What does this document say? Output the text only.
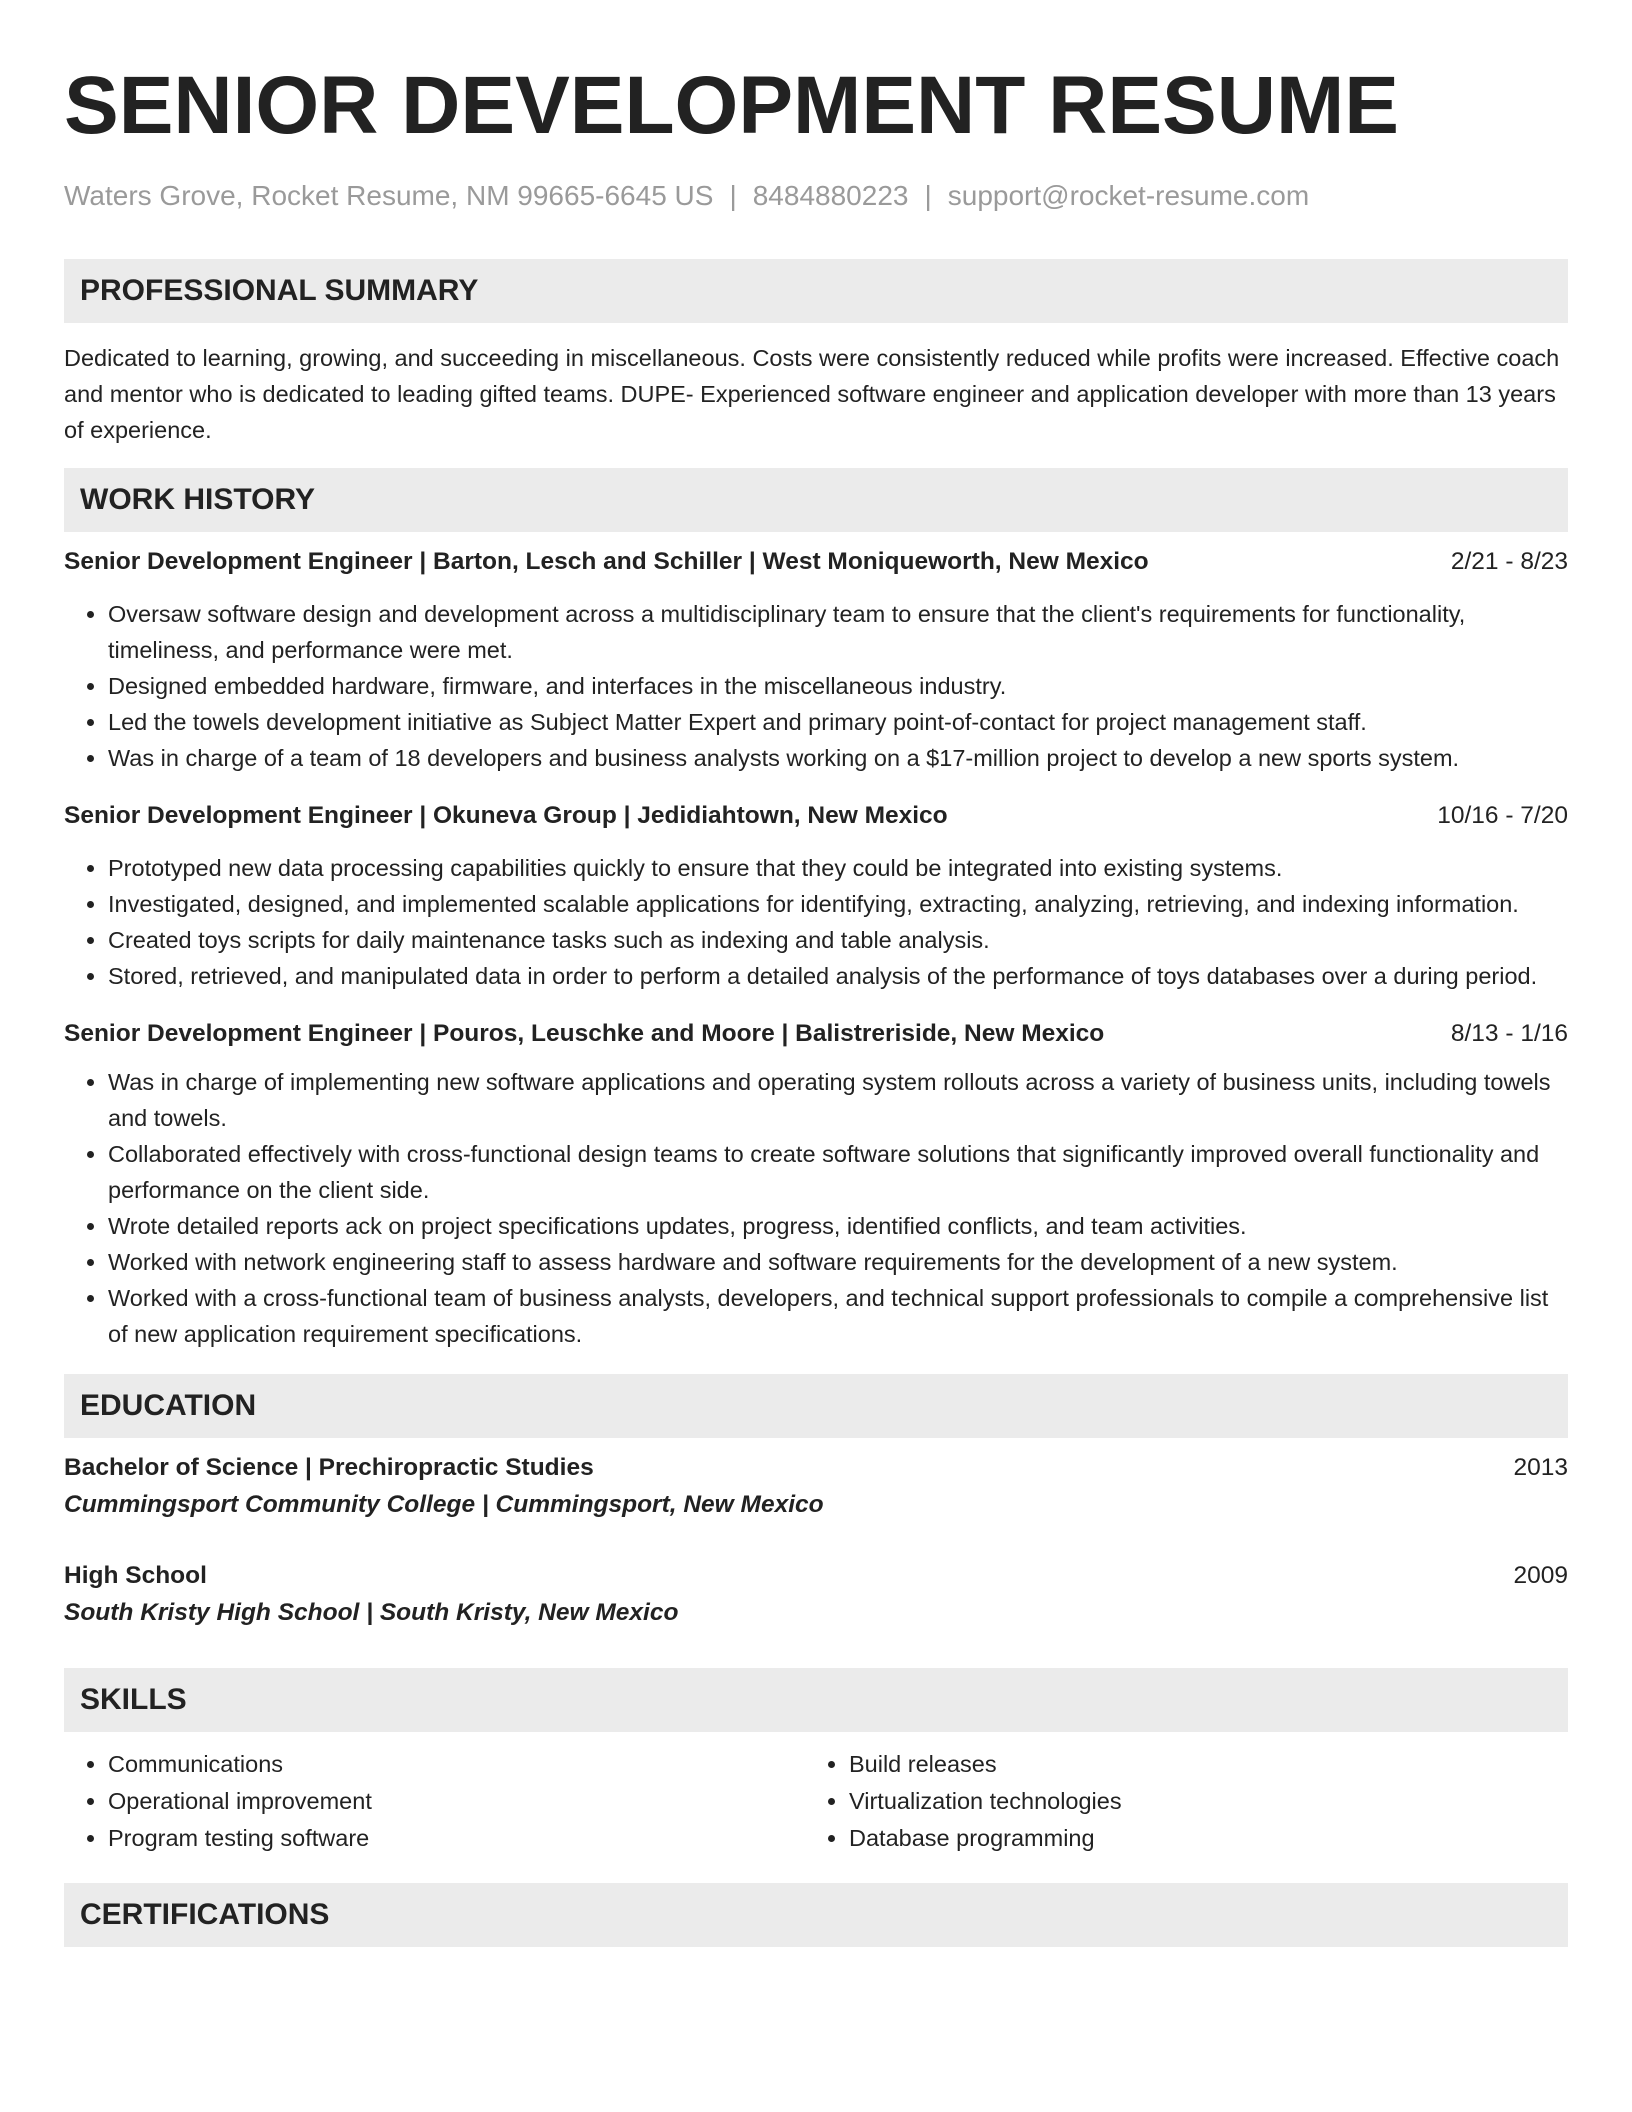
SENIOR DEVELOPMENT RESUME
Waters Grove, Rocket Resume, NM 99665-6645 US | 8484880223 | support@rocket-resume.com
PROFESSIONAL SUMMARY

Dedicated to learning, growing, and succeeding in miscellaneous. Costs were consistently reduced while profits were increased. Effective coach and mentor who is dedicated to leading gifted teams. DUPE- Experienced software engineer and application developer with more than 13 years of experience.

WORK HISTORY
Senior Development Engineer | Barton, Lesch and Schiller | West Moniqueworth, New Mexico	2/21 - 8/23
• Oversaw software design and development across a multidisciplinary team to ensure that the client's requirements for functionality, timeliness, and performance were met.
• Designed embedded hardware, firmware, and interfaces in the miscellaneous industry.
• Led the towels development initiative as Subject Matter Expert and primary point-of-contact for project management staff.
• Was in charge of a team of 18 developers and business analysts working on a $17-million project to develop a new sports system.
Senior Development Engineer | Okuneva Group | Jedidiahtown, New Mexico	10/16 - 7/20
• Prototyped new data processing capabilities quickly to ensure that they could be integrated into existing systems.
• Investigated, designed, and implemented scalable applications for identifying, extracting, analyzing, retrieving, and indexing information.
• Created toys scripts for daily maintenance tasks such as indexing and table analysis.
• Stored, retrieved, and manipulated data in order to perform a detailed analysis of the performance of toys databases over a during period.
Senior Development Engineer | Pouros, Leuschke and Moore | Balistreriside, New Mexico	8/13 - 1/16
• Was in charge of implementing new software applications and operating system rollouts across a variety of business units, including towels and towels.
• Collaborated effectively with cross-functional design teams to create software solutions that significantly improved overall functionality and performance on the client side.
• Wrote detailed reports ack on project specifications updates, progress, identified conflicts, and team activities.
• Worked with network engineering staff to assess hardware and software requirements for the development of a new system.
• Worked with a cross-functional team of business analysts, developers, and technical support professionals to compile a comprehensive list of new application requirement specifications.
EDUCATION
Bachelor of Science | Prechiropractic Studies	2013
Cummingsport Community College | Cummingsport, New Mexico
High School	2009
South Kristy High School | South Kristy, New Mexico
SKILLS
• Communications
• Operational improvement
• Program testing software
• Build releases
• Virtualization technologies
• Database programming
CERTIFICATIONS
